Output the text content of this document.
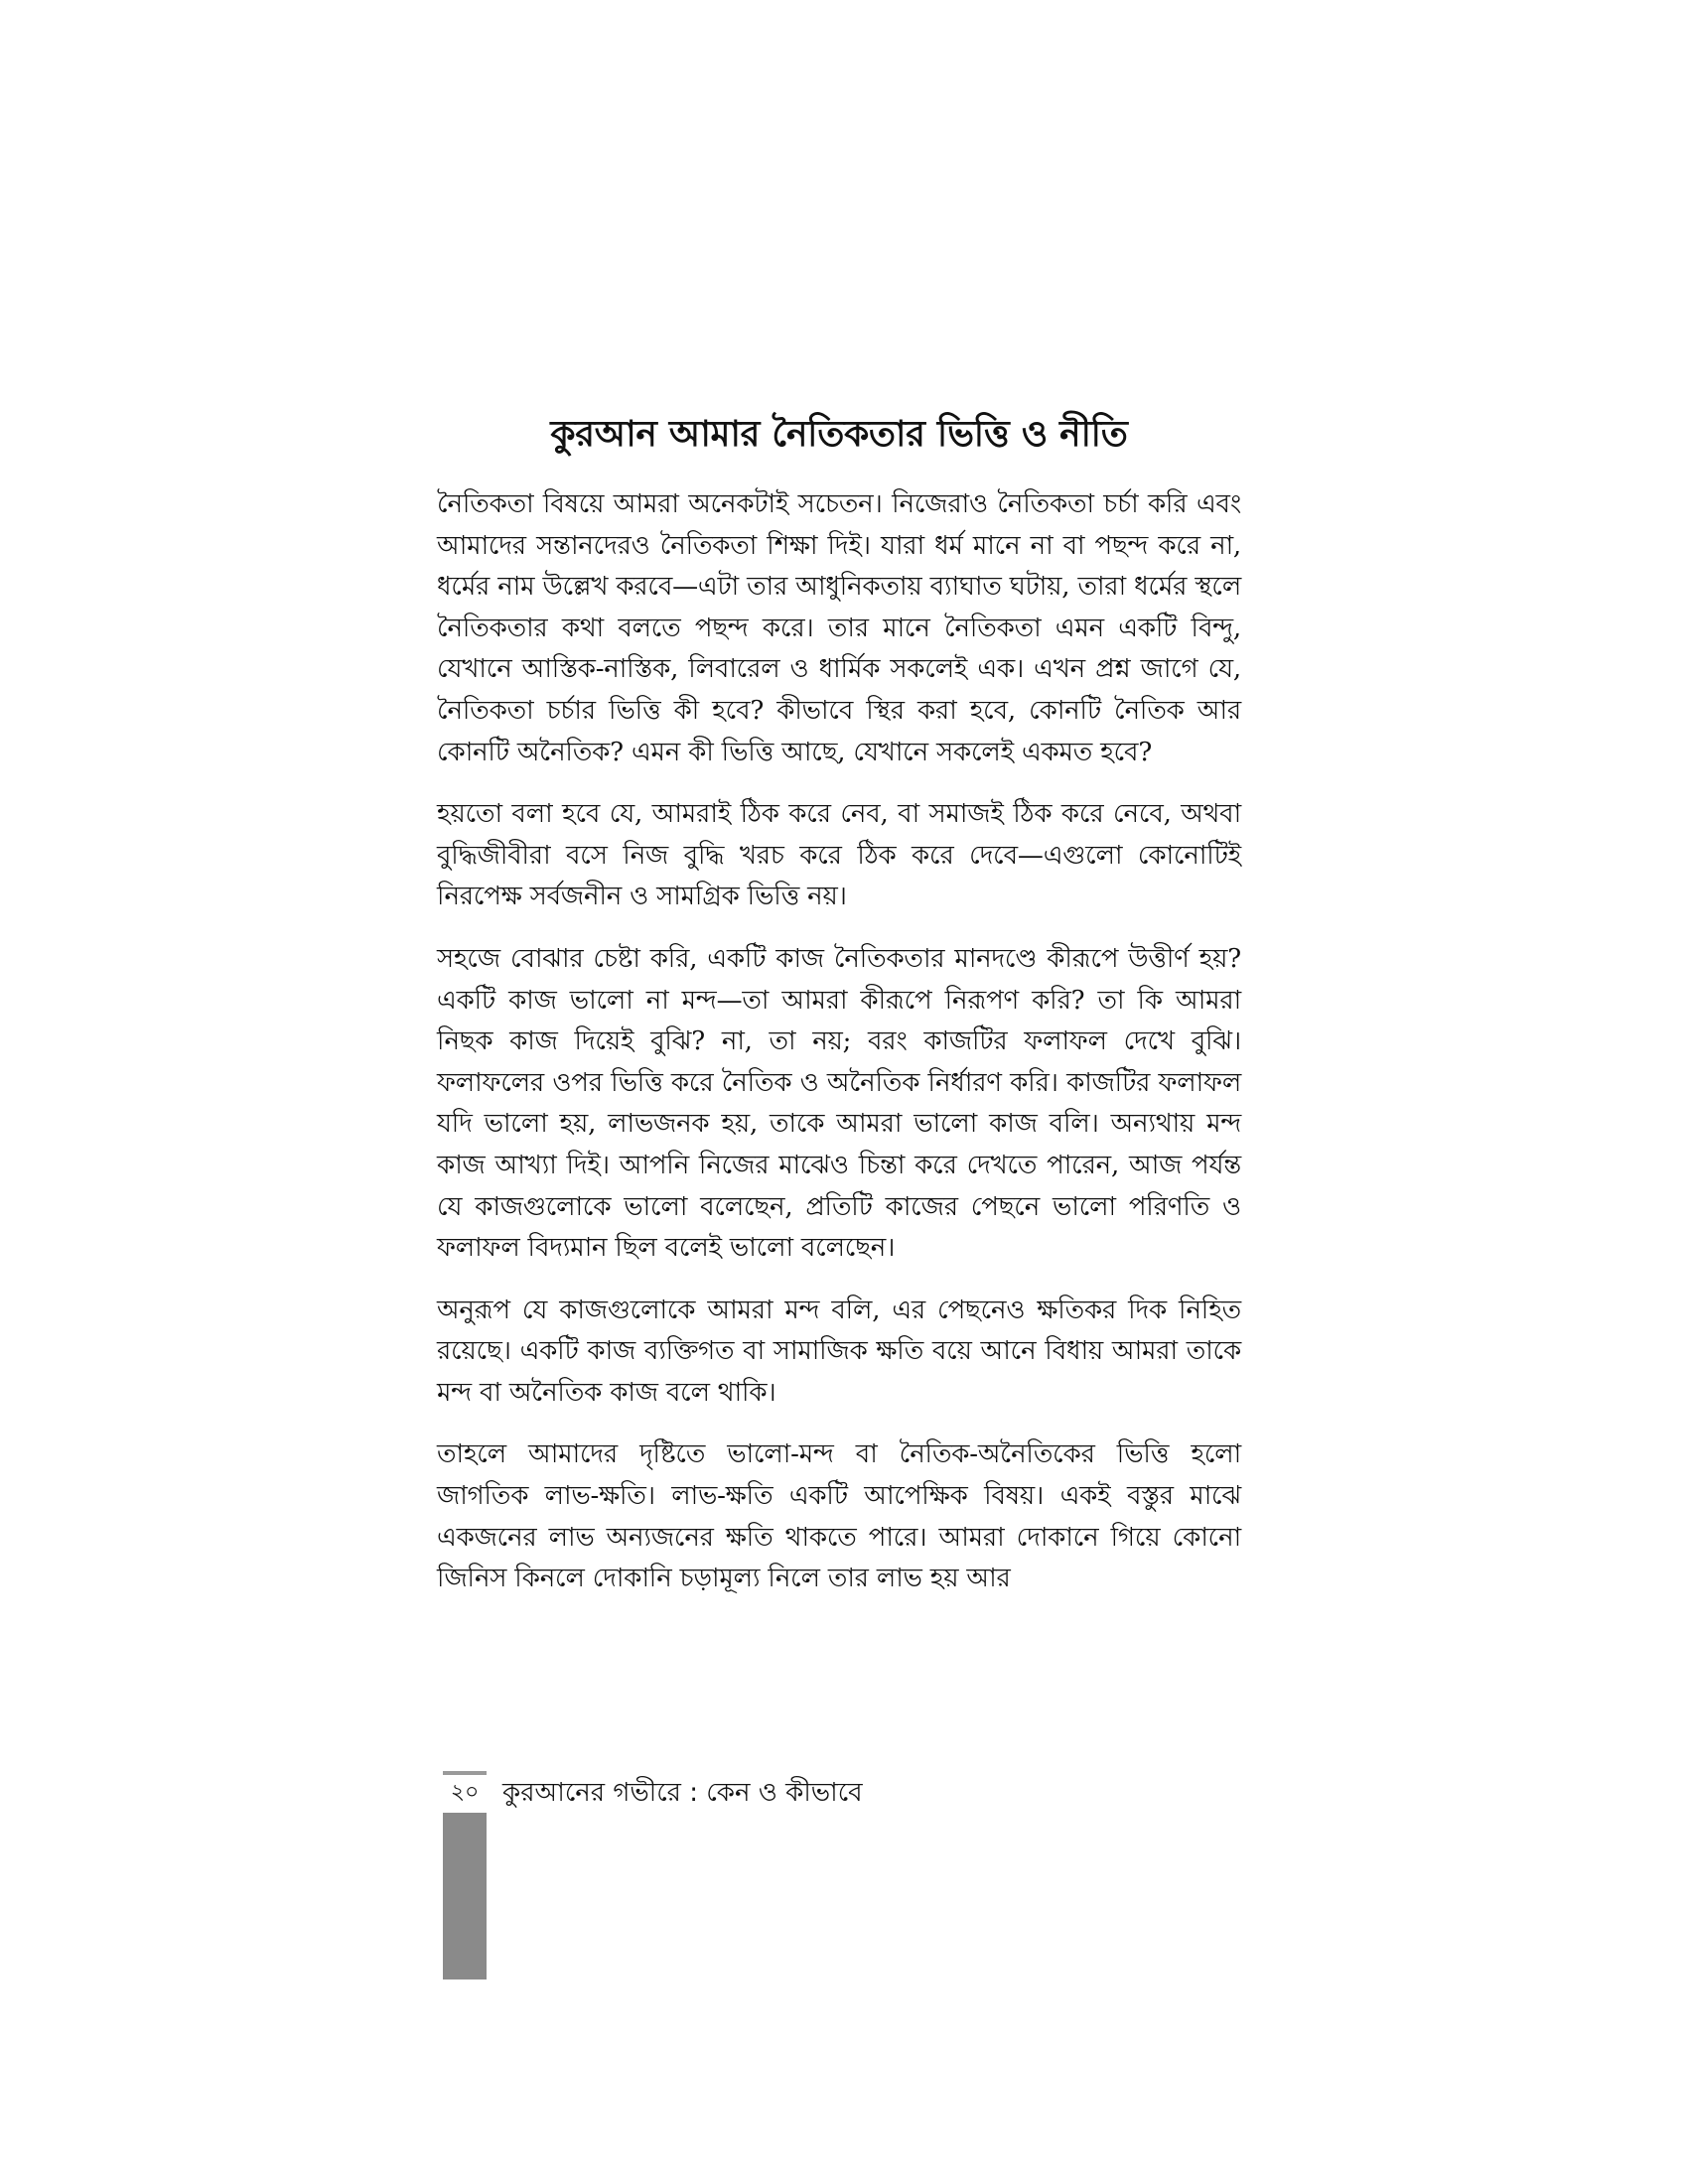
কুরআন আমার নৈতিকতার ভিত্তি ও নীতি

নৈতিকতা বিষয়ে আমরা অনেকটাই সচেতন। নিজেরাও নৈতিকতা চর্চা করি এবং আমাদের সন্তানদেরও নৈতিকতা শিক্ষা দিই। যারা ধর্ম মানে না বা পছন্দ করে না, ধর্মের নাম উল্লেখ করবে—এটা তার আধুনিকতায় ব্যাঘাত ঘটায়, তারা ধর্মের স্থলে নৈতিকতার কথা বলতে পছন্দ করে। তার মানে নৈতিকতা এমন একটি বিন্দু, যেখানে আস্তিক-নাস্তিক, লিবারেল ও ধার্মিক সকলেই এক। এখন প্রশ্ন জাগে যে, নৈতিকতা চর্চার ভিত্তি কী হবে? কীভাবে স্থির করা হবে, কোনটি নৈতিক আর কোনটি অনৈতিক? এমন কী ভিত্তি আছে, যেখানে সকলেই একমত হবে?

হয়তো বলা হবে যে, আমরাই ঠিক করে নেব, বা সমাজই ঠিক করে নেবে, অথবা বুদ্ধিজীবীরা বসে নিজ বুদ্ধি খরচ করে ঠিক করে দেবে—এগুলো কোনোটিই নিরপেক্ষ সর্বজনীন ও সামগ্রিক ভিত্তি নয়।

সহজে বোঝার চেষ্টা করি, একটি কাজ নৈতিকতার মানদণ্ডে কীরূপে উত্তীর্ণ হয়? একটি কাজ ভালো না মন্দ—তা আমরা কীরূপে নিরূপণ করি? তা কি আমরা নিছক কাজ দিয়েই বুঝি? না, তা নয়; বরং কাজটির ফলাফল দেখে বুঝি। ফলাফলের ওপর ভিত্তি করে নৈতিক ও অনৈতিক নির্ধারণ করি। কাজটির ফলাফল যদি ভালো হয়, লাভজনক হয়, তাকে আমরা ভালো কাজ বলি। অন্যথায় মন্দ কাজ আখ্যা দিই। আপনি নিজের মাঝেও চিন্তা করে দেখতে পারেন, আজ পর্যন্ত যে কাজগুলোকে ভালো বলেছেন, প্রতিটি কাজের পেছনে ভালো পরিণতি ও ফলাফল বিদ্যমান ছিল বলেই ভালো বলেছেন।

অনুরূপ যে কাজগুলোকে আমরা মন্দ বলি, এর পেছনেও ক্ষতিকর দিক নিহিত রয়েছে। একটি কাজ ব্যক্তিগত বা সামাজিক ক্ষতি বয়ে আনে বিধায় আমরা তাকে মন্দ বা অনৈতিক কাজ বলে থাকি।

তাহলে আমাদের দৃষ্টিতে ভালো-মন্দ বা নৈতিক-অনৈতিকের ভিত্তি হলো জাগতিক লাভ-ক্ষতি। লাভ-ক্ষতি একটি আপেক্ষিক বিষয়। একই বস্তুর মাঝে একজনের লাভ অন্যজনের ক্ষতি থাকতে পারে। আমরা দোকানে গিয়ে কোনো জিনিস কিনলে দোকানি চড়ামূল্য নিলে তার লাভ হয় আর

২০ কুরআনের গভীরে : কেন ও কীভাবে
